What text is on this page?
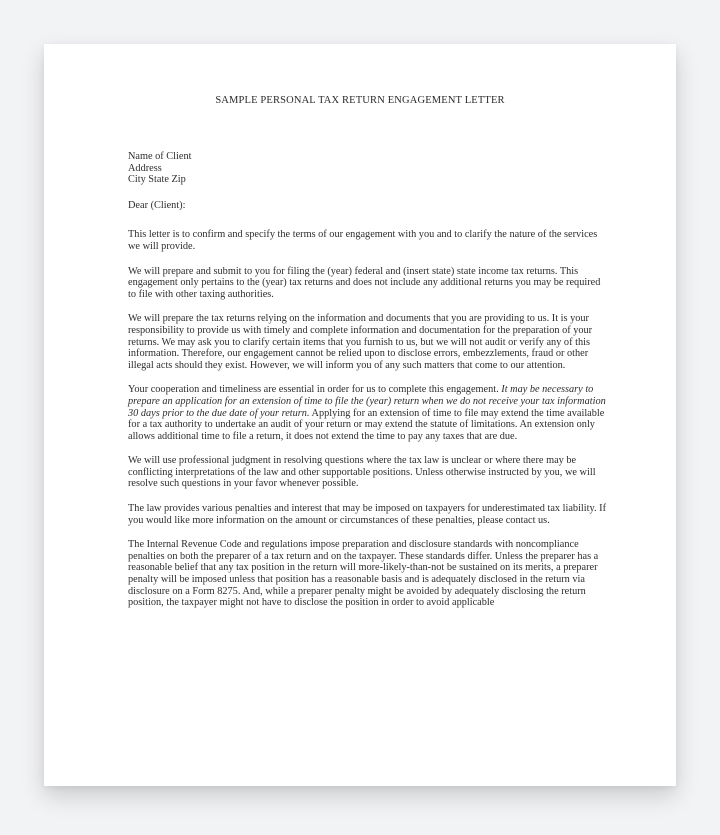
SAMPLE PERSONAL TAX RETURN ENGAGEMENT LETTER
Name of Client
Address
City State Zip

Dear (Client):

This letter is to confirm and specify the terms of our engagement with you and to clarify the nature of the services we will provide.

We will prepare and submit to you for filing the (year) federal and (insert state) state income tax returns. This engagement only pertains to the (year) tax returns and does not include any additional returns you may be required to file with other taxing authorities.

We will prepare the tax returns relying on the information and documents that you are providing to us. It is your responsibility to provide us with timely and complete information and documentation for the preparation of your returns. We may ask you to clarify certain items that you furnish to us, but we will not audit or verify any of this information. Therefore, our engagement cannot be relied upon to disclose errors, embezzlements, fraud or other illegal acts should they exist. However, we will inform you of any such matters that come to our attention.

Your cooperation and timeliness are essential in order for us to complete this engagement. It may be necessary to prepare an application for an extension of time to file the (year) return when we do not receive your tax information 30 days prior to the due date of your return. Applying for an extension of time to file may extend the time available for a tax authority to undertake an audit of your return or may extend the statute of limitations. An extension only allows additional time to file a return, it does not extend the time to pay any taxes that are due.

We will use professional judgment in resolving questions where the tax law is unclear or where there may be conflicting interpretations of the law and other supportable positions. Unless otherwise instructed by you, we will resolve such questions in your favor whenever possible.

The law provides various penalties and interest that may be imposed on taxpayers for underestimated tax liability. If you would like more information on the amount or circumstances of these penalties, please contact us.

The Internal Revenue Code and regulations impose preparation and disclosure standards with noncompliance penalties on both the preparer of a tax return and on the taxpayer. These standards differ. Unless the preparer has a reasonable belief that any tax position in the return will more-likely-than-not be sustained on its merits, a preparer penalty will be imposed unless that position has a reasonable basis and is adequately disclosed in the return via disclosure on a Form 8275. And, while a preparer penalty might be avoided by adequately disclosing the return position, the taxpayer might not have to disclose the position in order to avoid applicable
